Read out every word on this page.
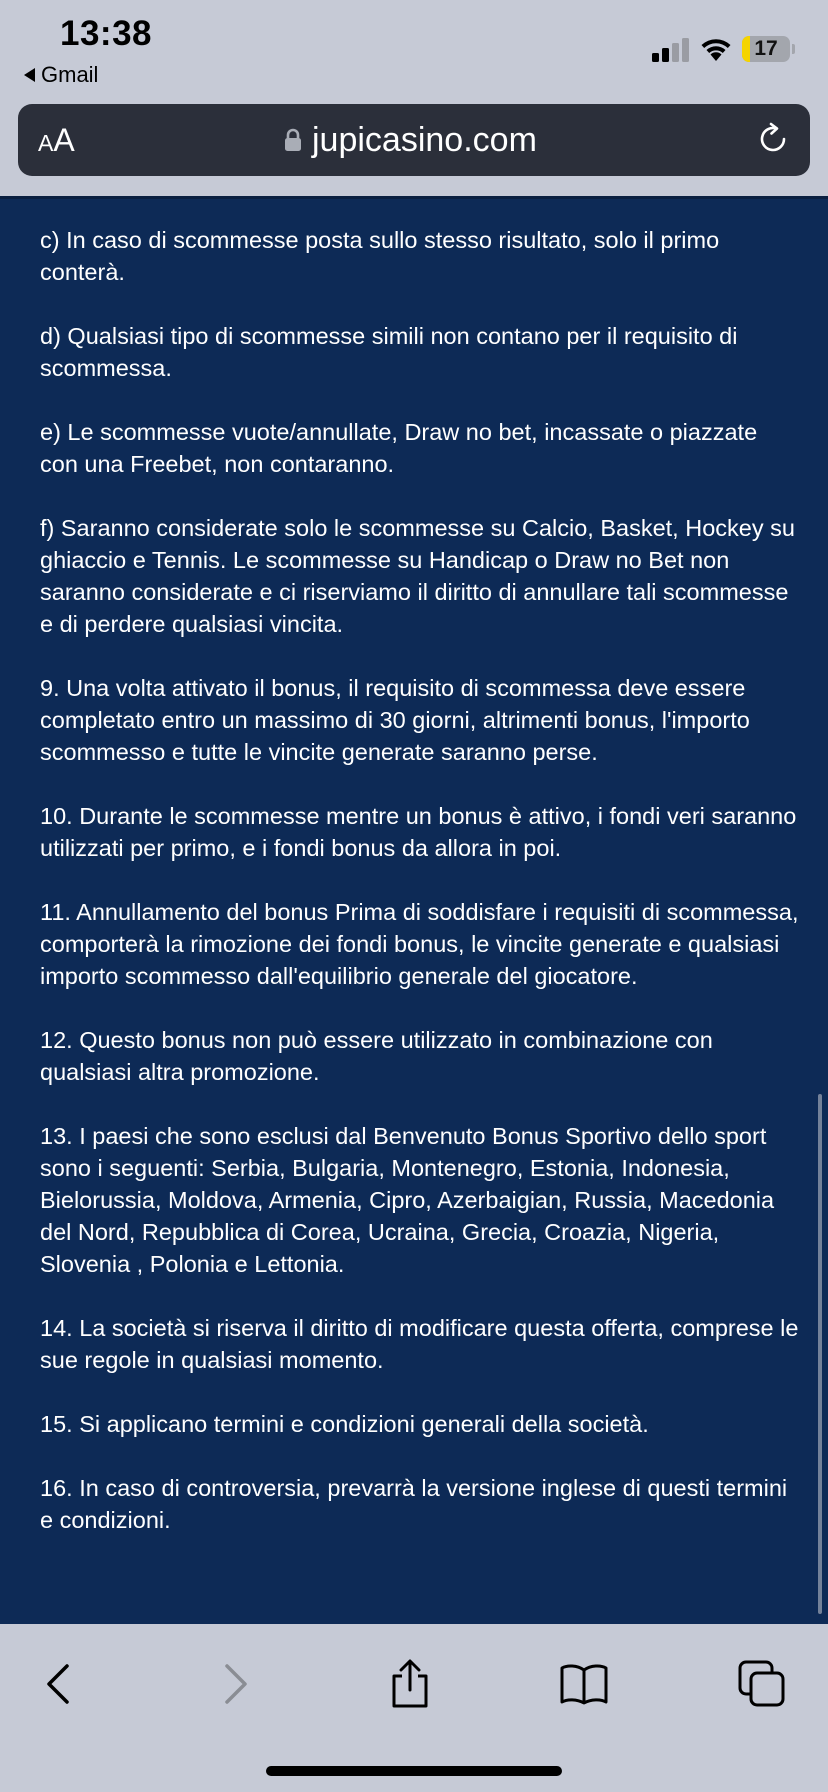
13:38
Gmail
17
AA	jupicasino.com

c) In caso di scommesse posta sullo stesso risultato, solo il primo conterà.

d) Qualsiasi tipo di scommesse simili non contano per il requisito di scommessa.

e) Le scommesse vuote/annullate, Draw no bet, incassate o piazzate con una Freebet, non contaranno.

f) Saranno considerate solo le scommesse su Calcio, Basket, Hockey su ghiaccio e Tennis. Le scommesse su Handicap o Draw no Bet non saranno considerate e ci riserviamo il diritto di annullare tali scommesse e di perdere qualsiasi vincita.

9. Una volta attivato il bonus, il requisito di scommessa deve essere completato entro un massimo di 30 giorni, altrimenti bonus, l'importo scommesso e tutte le vincite generate saranno perse.

10. Durante le scommesse mentre un bonus è attivo, i fondi veri saranno utilizzati per primo, e i fondi bonus da allora in poi.

11. Annullamento del bonus Prima di soddisfare i requisiti di scommessa, comporterà la rimozione dei fondi bonus, le vincite generate e qualsiasi importo scommesso dall'equilibrio generale del giocatore.

12. Questo bonus non può essere utilizzato in combinazione con qualsiasi altra promozione.

13. I paesi che sono esclusi dal Benvenuto Bonus Sportivo dello sport sono i seguenti: Serbia, Bulgaria, Montenegro, Estonia, Indonesia, Bielorussia, Moldova, Armenia, Cipro, Azerbaigian, Russia, Macedonia del Nord, Repubblica di Corea, Ucraina, Grecia, Croazia, Nigeria, Slovenia , Polonia e Lettonia.

14. La società si riserva il diritto di modificare questa offerta, comprese le sue regole in qualsiasi momento.

15. Si applicano termini e condizioni generali della società.

16. In caso di controversia, prevarrà la versione inglese di questi termini e condizioni.
